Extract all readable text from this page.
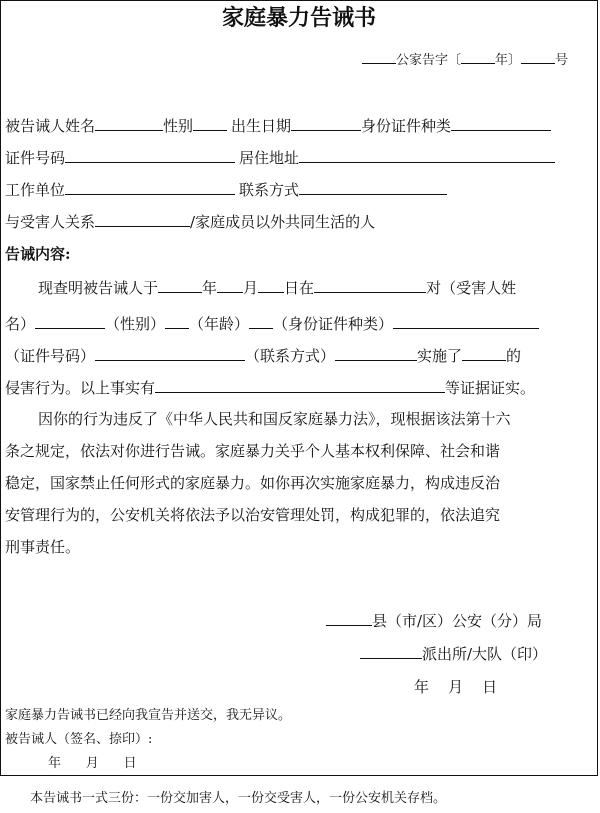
家庭暴力告诫书
公家告字〔	年〕	号
被告诫人姓名	性别	出生日期	身份证件种类
证件号码	居住地址
工作单位	联系方式
与受害人关系	/家庭成员以外共同生活的人
告诫内容:
现查明被告诫人于	年 月 日在	对（受害人姓
名）	（性别） （年龄） （身份证件种类）
（证件号码）	（联系方式）	实施了	的
侵害行为。以上事实有	等证据证实。
因你的行为违反了《中华人民共和国反家庭暴力法》，现根据该法第十六
条之规定，依法对你进行告诫。家庭暴力关乎个人基本权利保障、社会和谐
稳定，国家禁止任何形式的家庭暴力。如你再次实施家庭暴力，构成违反治
安管理行为的，公安机关将依法予以治安管理处罚，构成犯罪的，依法追究
刑事责任。
县（市/区）公安（分）局
派出所/大队（印）
年    月    日
家庭暴力告诫书已经向我宣告并送交，我无异议。
被告诫人（签名、捺印）:
年      月      日
本告诫书一式三份：一份交加害人，一份交受害人，一份公安机关存档。
